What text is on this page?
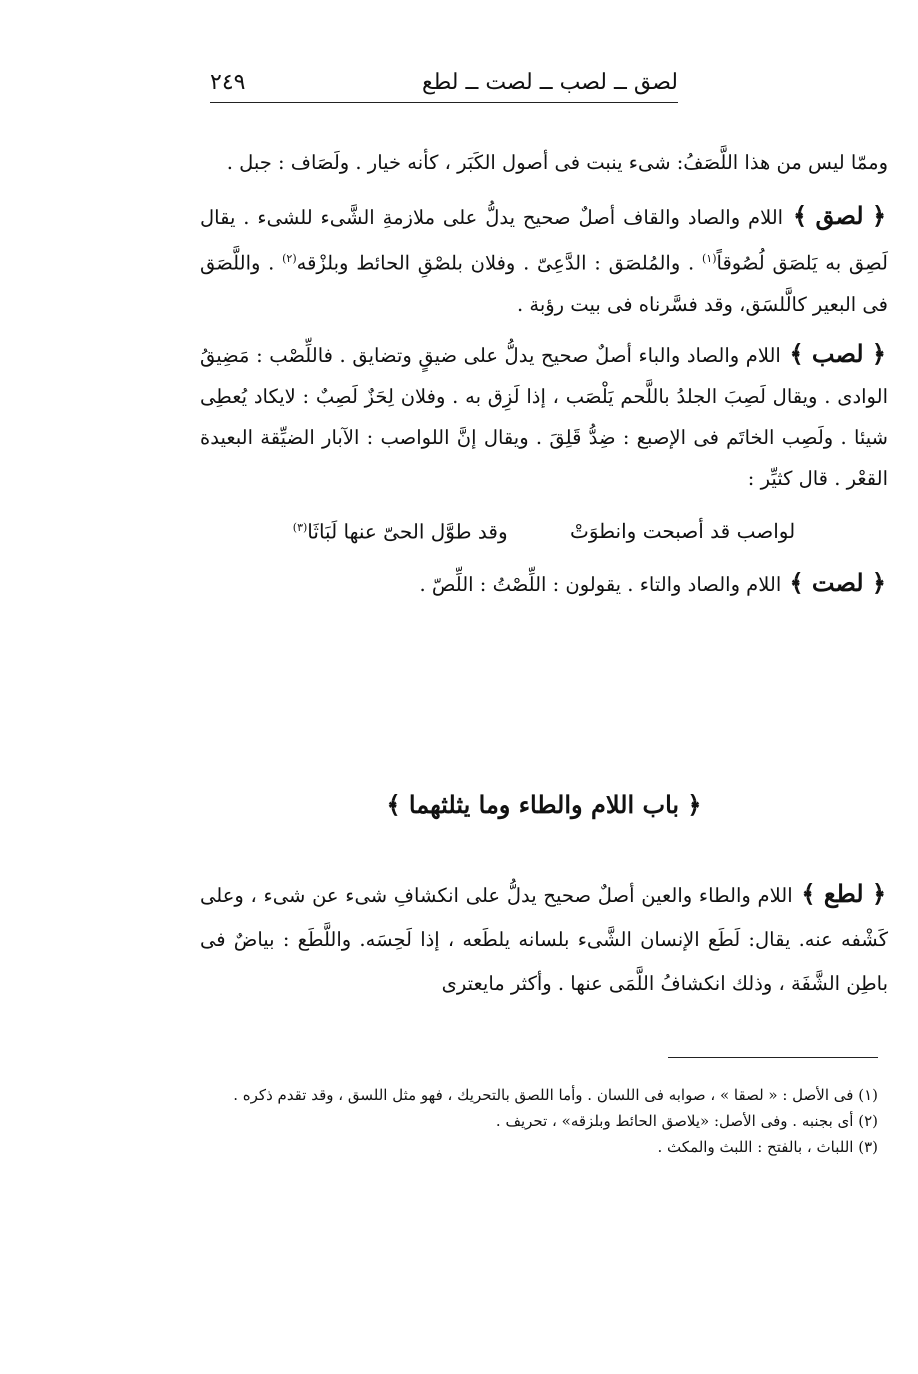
لصق ــ لصب ــ لصت ــ لطع
٢٤٩

وممّا ليس من هذا اللَّصَفُ: شىء ينبت فى أصول الكَبَر ، كأنه خيار . ولَصَاف : جبل .

﴿ لصق ﴾ اللام والصاد والقاف أصلٌ صحيح يدلُّ على ملازمةِ الشَّىء للشىء . يقال لَصِق به يَلصَق لُصُوقاً$^{(١)}$ . والمُلصَق : الدَّعِىّ . وفلان بلصْقِ الحائط وبلزْقه$^{(٢)}$ . واللَّصَق فى البعير كالَّلسَق، وقد فسَّرناه فى بيت رؤبة .

﴿ لصب ﴾ اللام والصاد والباء أصلٌ صحيح يدلُّ على ضيقٍ وتضايق . فاللِّصْب : مَضِيقُ الوادى . ويقال لَصِبَ الجلدُ باللَّحم يَلْصَب ، إذا لَزِق به . وفلان لِحَزٌ لَصِبٌ : لايكاد يُعطِى شيئا . ولَصِب الخاتَم فى الإصبع : ضِدُّ قَلِقَ . ويقال إنَّ اللواصب : الآبار الضيِّقة البعيدة القعْر . قال كثيِّر :

لواصب قد أصبحت وانطوَتْ وقد طوَّل الحىّ عنها لَبَاثَا$^{(٣)}$

﴿ لصت ﴾ اللام والصاد والتاء . يقولون : اللِّصْتُ : اللِّصّ .

﴿ باب اللام والطاء وما يثلثهما ﴾

﴿ لطع ﴾ اللام والطاء والعين أصلٌ صحيح يدلُّ على انكشافِ شىء عن شىء ، وعلى كَشْفه عنه. يقال: لَطَع الإنسان الشَّىء بلسانه يلطَعه ، إذا لَحِسَه. واللَّطَع : بياضٌ فى باطِن الشَّفَة ، وذلك انكشافُ اللَّمَى عنها . وأكثر مايعترى

(١) فى الأصل : « لصقا » ، صوابه فى اللسان . وأما اللصق بالتحريك ، فهو مثل اللسق ، وقد تقدم ذكره .

(٢) أى بجنبه . وفى الأصل: «يلاصق الحائط وبلزقه» ، تحريف .

(٣) اللباث ، بالفتح : اللبث والمكث .
